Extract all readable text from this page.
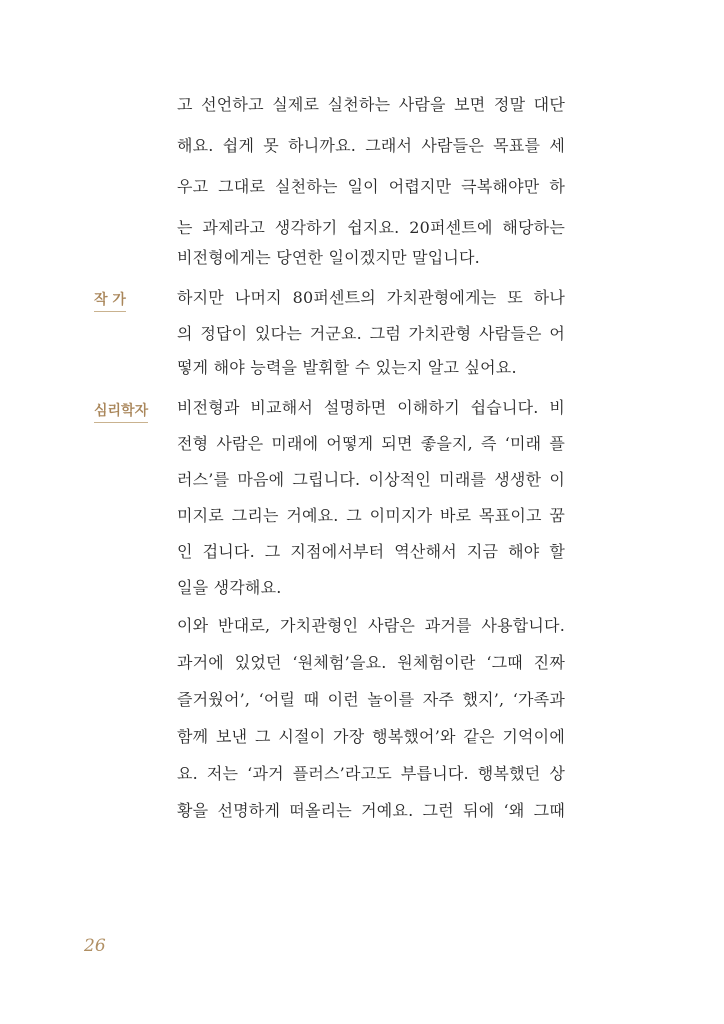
고 선언하고 실제로 실천하는 사람을 보면 정말 대단
해요. 쉽게 못 하니까요. 그래서 사람들은 목표를 세
우고 그대로 실천하는 일이 어렵지만 극복해야만 하
는 과제라고 생각하기 쉽지요. 20퍼센트에 해당하는
비전형에게는 당연한 일이겠지만 말입니다.
작 가	하지만 나머지 80퍼센트의 가치관형에게는 또 하나
의 정답이 있다는 거군요. 그럼 가치관형 사람들은 어
떻게 해야 능력을 발휘할 수 있는지 알고 싶어요.
심리학자 비전형과 비교해서 설명하면 이해하기 쉽습니다. 비
전형 사람은 미래에 어떻게 되면 좋을지, 즉 ‘미래 플
러스’를 마음에 그립니다. 이상적인 미래를 생생한 이
미지로 그리는 거예요. 그 이미지가 바로 목표이고 꿈
인 겁니다. 그 지점에서부터 역산해서 지금 해야 할
일을 생각해요.
이와 반대로, 가치관형인 사람은 과거를 사용합니다.
과거에 있었던 ‘원체험’을요. 원체험이란 ‘그때 진짜
즐거웠어’, ‘어릴 때 이런 놀이를 자주 했지’, ‘가족과
함께 보낸 그 시절이 가장 행복했어’와 같은 기억이에
요. 저는 ‘과거 플러스’라고도 부릅니다. 행복했던 상
황을 선명하게 떠올리는 거예요. 그런 뒤에 ‘왜 그때
26
